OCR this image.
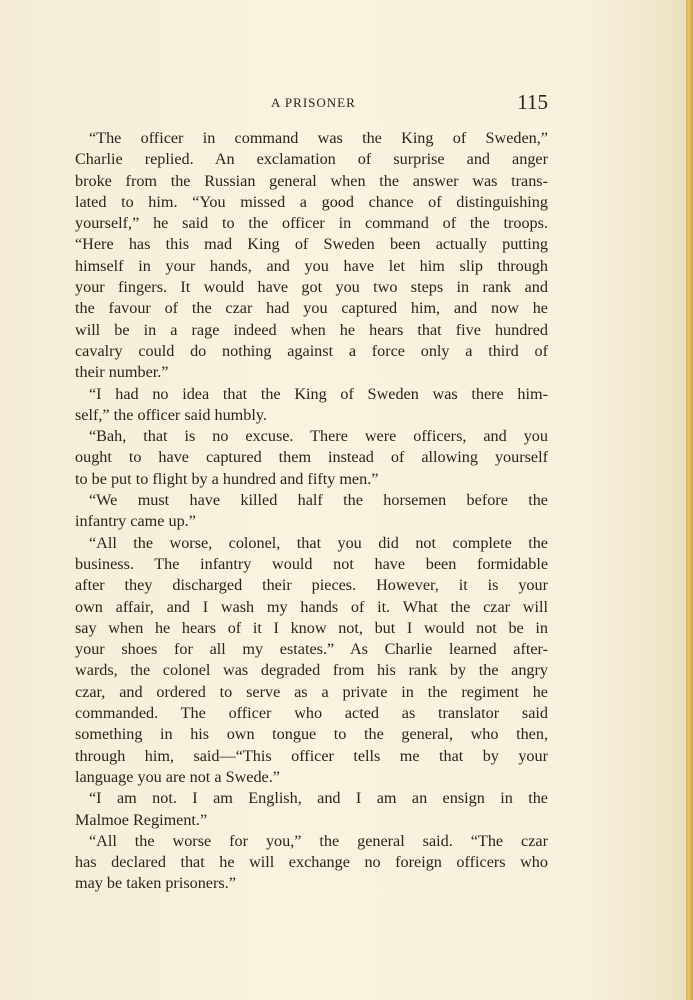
A PRISONER	115
“The officer in command was the King of Sweden,”
Charlie replied. An exclamation of surprise and anger
broke from the Russian general when the answer was trans-
lated to him. “You missed a good chance of distinguishing
yourself,” he said to the officer in command of the troops.
“Here has this mad King of Sweden been actually putting
himself in your hands, and you have let him slip through
your fingers. It would have got you two steps in rank and
the favour of the czar had you captured him, and now he
will be in a rage indeed when he hears that five hundred
cavalry could do nothing against a force only a third of
their number.”
“I had no idea that the King of Sweden was there him-
self,” the officer said humbly.
“Bah, that is no excuse. There were officers, and you
ought to have captured them instead of allowing yourself
to be put to flight by a hundred and fifty men.”
“We must have killed half the horsemen before the
infantry came up.”
“All the worse, colonel, that you did not complete the
business. The infantry would not have been formidable
after they discharged their pieces. However, it is your
own affair, and I wash my hands of it. What the czar will
say when he hears of it I know not, but I would not be in
your shoes for all my estates.” As Charlie learned after-
wards, the colonel was degraded from his rank by the angry
czar, and ordered to serve as a private in the regiment he
commanded. The officer who acted as translator said
something in his own tongue to the general, who then,
through him, said—“This officer tells me that by your
language you are not a Swede.”
“I am not. I am English, and I am an ensign in the
Malmoe Regiment.”
“All the worse for you,” the general said. “The czar
has declared that he will exchange no foreign officers who
may be taken prisoners.”
